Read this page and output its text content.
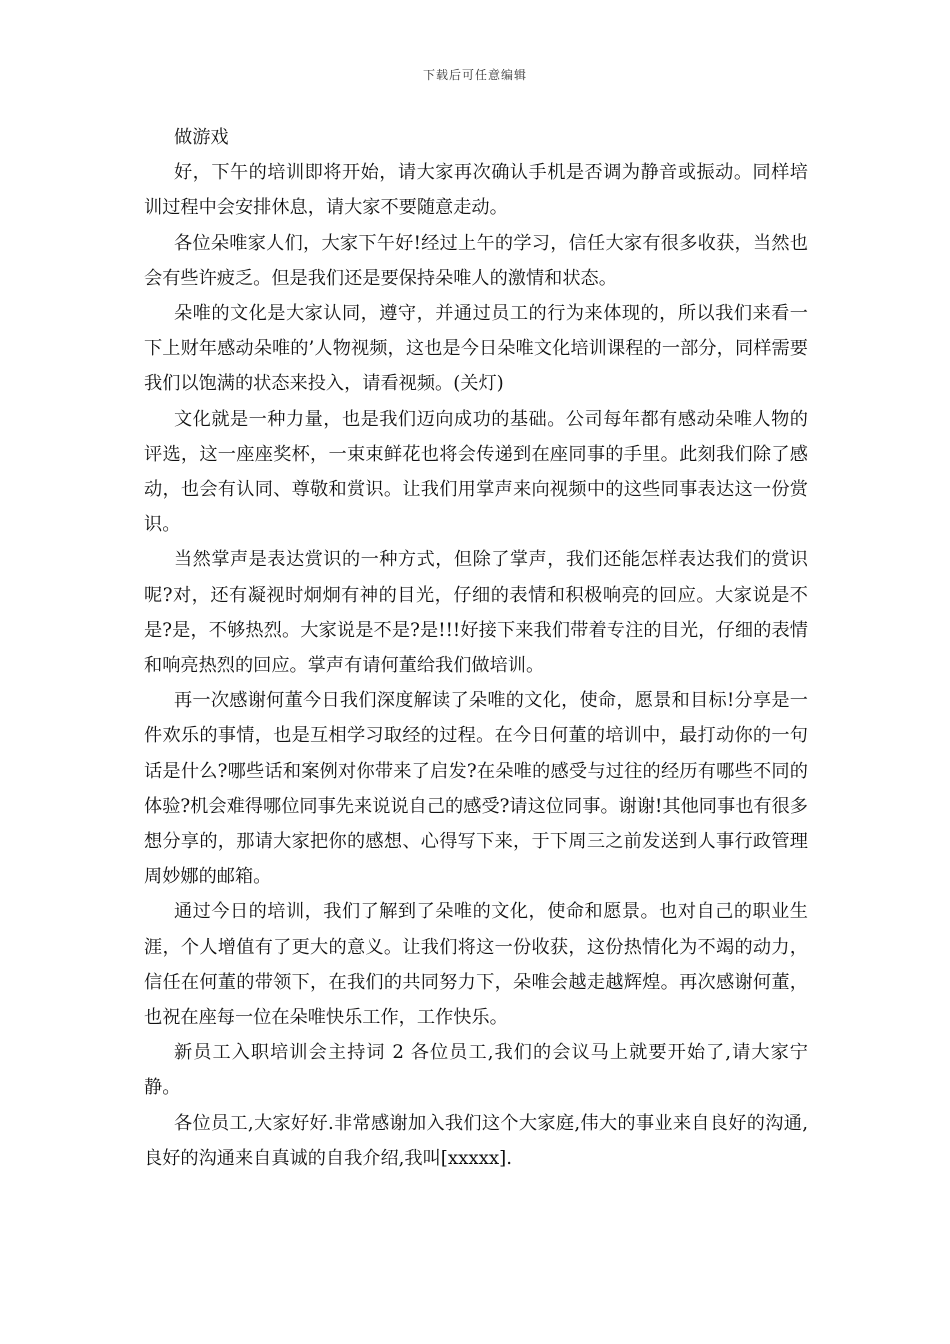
下载后可任意编辑

做游戏

好，下午的培训即将开始，请大家再次确认手机是否调为静音或振动。同样培训过程中会安排休息，请大家不要随意走动。

各位朵唯家人们，大家下午好!经过上午的学习，信任大家有很多收获，当然也会有些许疲乏。但是我们还是要保持朵唯人的激情和状态。

朵唯的文化是大家认同，遵守，并通过员工的行为来体现的，所以我们来看一下上财年感动朵唯的’人物视频，这也是今日朵唯文化培训课程的一部分，同样需要我们以饱满的状态来投入，请看视频。(关灯)

文化就是一种力量，也是我们迈向成功的基础。公司每年都有感动朵唯人物的评选，这一座座奖杯，一束束鲜花也将会传递到在座同事的手里。此刻我们除了感动，也会有认同、尊敬和赏识。让我们用掌声来向视频中的这些同事表达这一份赏识。

当然掌声是表达赏识的一种方式，但除了掌声，我们还能怎样表达我们的赏识呢?对，还有凝视时炯炯有神的目光，仔细的表情和积极响亮的回应。大家说是不是?是，不够热烈。大家说是不是?是!!!好接下来我们带着专注的目光，仔细的表情和响亮热烈的回应。掌声有请何董给我们做培训。

再一次感谢何董今日我们深度解读了朵唯的文化，使命，愿景和目标!分享是一件欢乐的事情，也是互相学习取经的过程。在今日何董的培训中，最打动你的一句话是什么?哪些话和案例对你带来了启发?在朵唯的感受与过往的经历有哪些不同的体验?机会难得哪位同事先来说说自己的感受?请这位同事。谢谢!其他同事也有很多想分享的，那请大家把你的感想、心得写下来，于下周三之前发送到人事行政管理周妙娜的邮箱。

通过今日的培训，我们了解到了朵唯的文化，使命和愿景。也对自己的职业生涯，个人增值有了更大的意义。让我们将这一份收获，这份热情化为不竭的动力，信任在何董的带领下，在我们的共同努力下，朵唯会越走越辉煌。再次感谢何董，也祝在座每一位在朵唯快乐工作，工作快乐。

新员工入职培训会主持词 2 各位员工,我们的会议马上就要开始了,请大家宁静。

各位员工,大家好好.非常感谢加入我们这个大家庭,伟大的事业来自良好的沟通,良好的沟通来自真诚的自我介绍,我叫[xxxxx].
